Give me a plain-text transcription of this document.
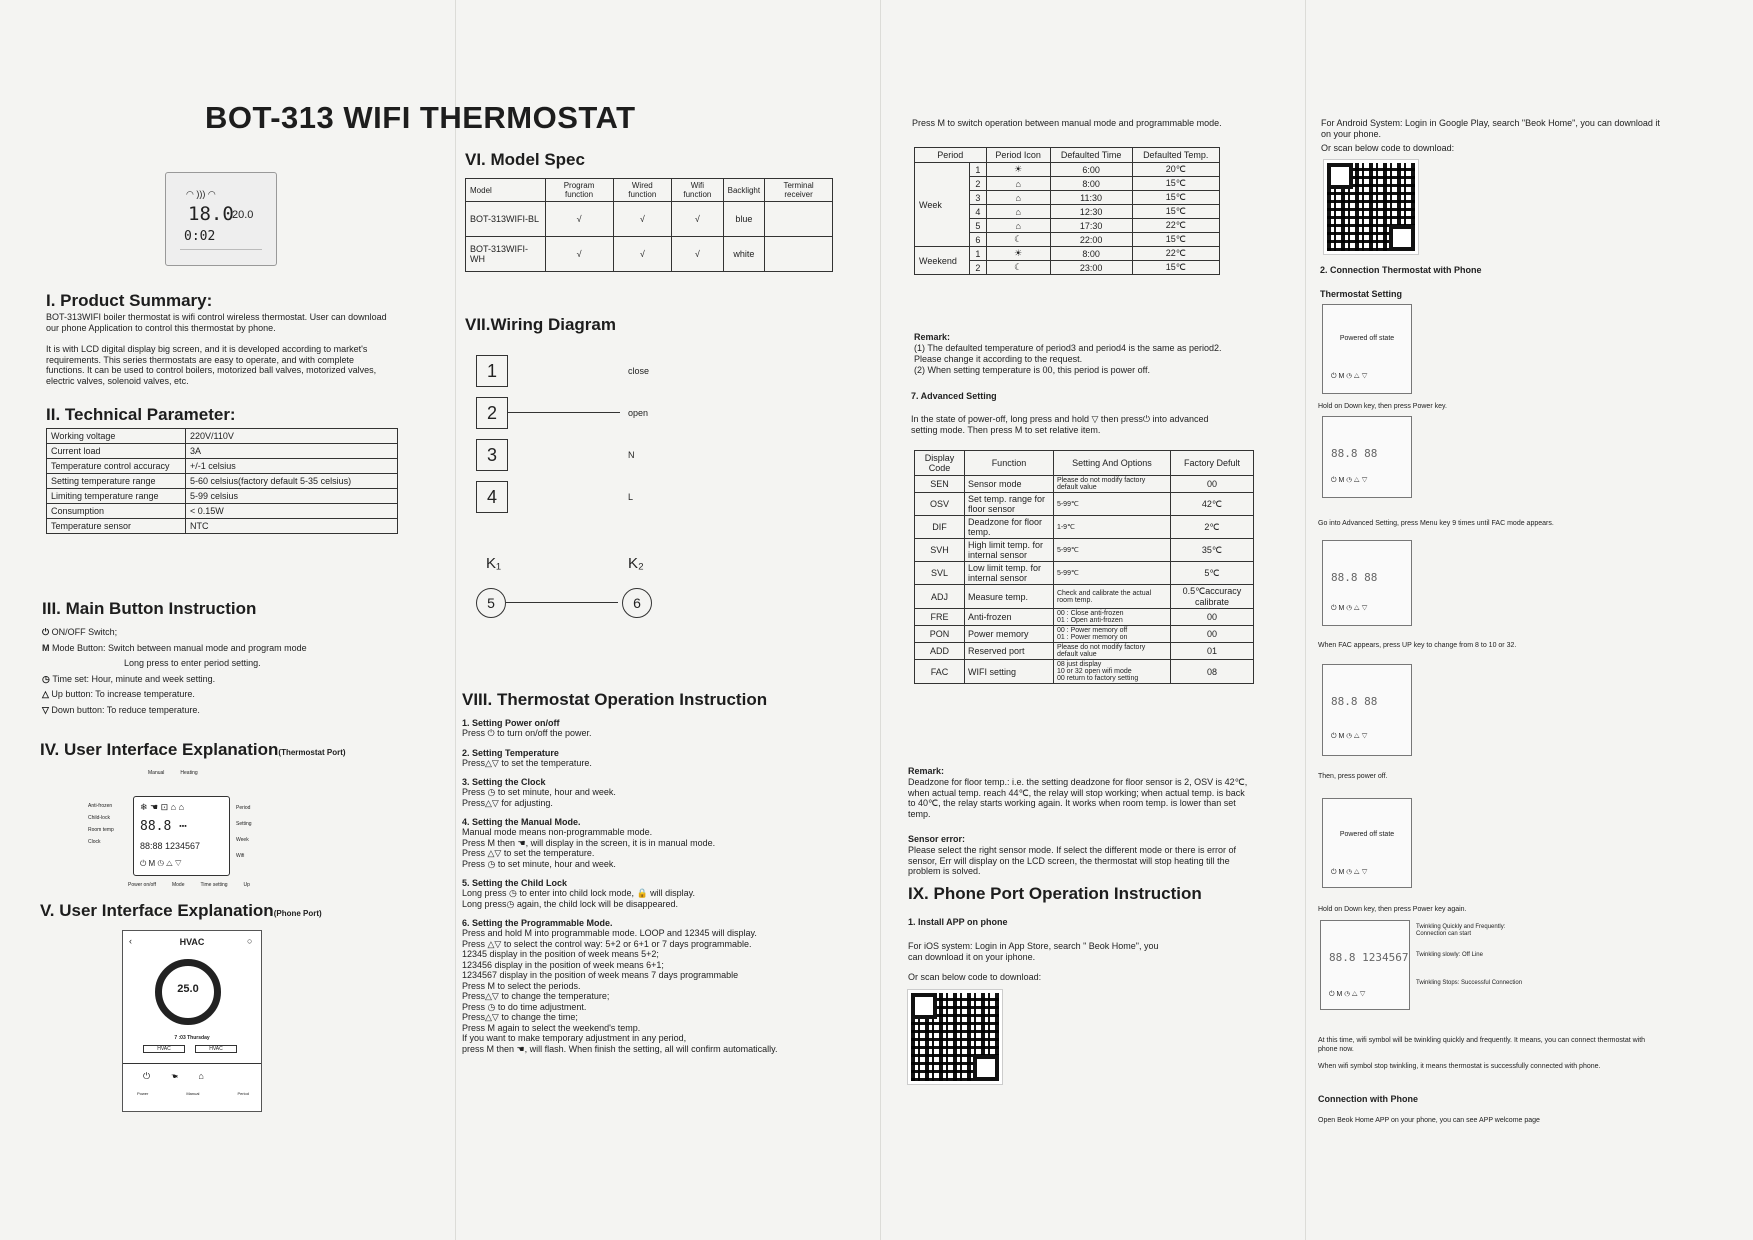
BOT-313 WIFI THERMOSTAT
◠ ))) ◠
18.0
20.0
0:02
I. Product Summary:

BOT-313WIFI boiler thermostat is wifi control wireless thermostat. User can download our phone Application to control this thermostat by phone.

It is with LCD digital display big screen, and it is developed according to market's requirements. This series thermostats are easy to operate, and with complete functions. It can be used to control boilers, motorized ball valves, motorized valves, electric valves, solenoid valves, etc.

II. Technical Parameter:
Working voltage	220V/110V
Current load	3A
Temperature control accuracy	+/-1 celsius
Setting temperature range	5-60 celsius(factory default 5-35 celsius)
Limiting temperature range	5-99 celsius
Consumption	< 0.15W
Temperature sensor	NTC
III. Main Button Instruction

⏻ ON/OFF Switch;

M Mode Button: Switch between manual mode and program mode

Long press to enter period setting.

◷ Time set: Hour, minute and week setting.

△ Up button: To increase temperature.

▽ Down button: To reduce temperature.

IV. User Interface Explanation(Thermostat Port)
❄ ☚ ⊡ ⌂ ⌂
88.8 ⋯
88:88 1234567
⏻ M ◷ △ ▽
Anti-frozen
Child-lock
Room temp
Clock
Period
Setting
Week
Wifi
Manual	Heating
Power on/off	Mode	Time setting	Up
V. User Interface Explanation(Phone Port)
HVAC
‹	○
25.0
7 :03 Thursday
HVAC	HVAC
⏻ ☚ ⌂
Power	Manual	Period
VI. Model Spec
Model	Program function	Wired function	Wifi function	Backlight	Terminal receiver
BOT-313WIFI-BL	√	√	√	blue	
BOT-313WIFI-WH	√	√	√	white	
VII.Wiring Diagram
K₁	K₂
5	6
1	close
2	open
3	N
4	L
VIII. Thermostat Operation Instruction
1. Setting Power on/off

Press ⏻ to turn on/off the power.

2. Setting Temperature

Press△▽ to set the temperature.

3. Setting the Clock

Press ◷ to set minute, hour and week.
Press△▽ for adjusting.

4. Setting the Manual Mode.

Manual mode means non-programmable mode.
Press M then ☚, will display in the screen, it is in manual mode.
Press △▽ to set the temperature.
Press ◷ to set minute, hour and week.

5. Setting the Child Lock

Long press ◷ to enter into child lock mode, 🔒 will display.
Long press◷ again, the child lock will be disappeared.

6. Setting the Programmable Mode.

Press and hold M into programmable mode. LOOP and 12345 will display.
Press △▽ to select the control way: 5+2 or 6+1 or 7 days programmable.
12345 display in the position of week means 5+2;
123456 display in the position of week means 6+1;
1234567 display in the position of week means 7 days programmable
Press M to select the periods.
Press△▽ to change the temperature;
Press ◷ to do time adjustment.
Press△▽ to change the time;
Press M again to select the weekend's temp.
If you want to make temporary adjustment in any period,
press M then ☚, will flash. When finish the setting, all will confirm automatically.

Press M to switch operation between manual mode and programmable mode.

Period		Period Icon	Defaulted Time	Defaulted Temp.
Week	1	☀	6:00	20℃
	2	⌂	8:00	15℃
	3	⌂	11:30	15℃
	4	⌂	12:30	15℃
	5	⌂	17:30	22℃
	6	☾	22:00	15℃
Weekend	1	☀	8:00	22℃
	2	☾	23:00	15℃
Remark:

(1) The defaulted temperature of period3 and period4 is the same as period2. Please change it according to the request.

(2) When setting temperature is 00, this period is power off.

7. Advanced Setting

In the state of power-off, long press and hold ▽ then press⏻ into advanced setting mode. Then press M to set relative item.

Display Code	Function	Setting And Options	Factory Defult
SEN	Sensor mode	Please do not modify factory default value	00
OSV	Set temp. range for floor sensor	5-99℃	42℃
DIF	Deadzone for floor temp.	1-9℃	2℃
SVH	High limit temp. for internal sensor	5-99℃	35℃
SVL	Low limit temp. for internal sensor	5-99℃	5℃
ADJ	Measure temp.	Check and calibrate the actual room temp.	0.5℃accuracy calibrate
FRE	Anti-frozen	00 : Close anti-frozen
01 : Open anti-frozen	00
PON	Power memory	00 : Power memory off
01 : Power memory on	00
ADD	Reserved port	Please do not modify factory default value	01
FAC	WIFI setting	08 just display
10 or 32 open wifi mode
00 return to factory setting	08
Remark:

Deadzone for floor temp.: i.e. the setting deadzone for floor sensor is 2, OSV is 42℃, when actual temp. reach 44℃, the relay will stop working; when actual temp. is back to 40℃, the relay starts working again. It works when room temp. is lower than set temp.

Sensor error:

Please select the right sensor mode. If select the different mode or there is error of sensor, Err will display on the LCD screen, the thermostat will stop heating till the problem is solved.

IX. Phone Port Operation Instruction
1. Install APP on phone

For iOS system: Login in App Store, search " Beok Home", you can download it on your iphone.

Or scan below code to download:

For Android System: Login in Google Play, search "Beok Home", you can download it on your phone.

Or scan below code to download:

2. Connection Thermostat with Phone
Thermostat Setting
Powered off state
⏻ M ◷ △ ▽

Hold on Down key, then press Power key.

88.8 88
⏻ M ◷ △ ▽

Go into Advanced Setting, press Menu key 9 times until FAC mode appears.

88.8 88
⏻ M ◷ △ ▽

When FAC appears, press UP key to change from 8 to 10 or 32.

88.8 88
⏻ M ◷ △ ▽

Then, press power off.

Powered off state
⏻ M ◷ △ ▽

Hold on Down key, then press Power key again.

88.8 1234567
⏻ M ◷ △ ▽

Twinkling Quickly and Frequently: Connection can start

Twinkling slowly: Off Line

Twinkling Stops: Successful Connection

At this time, wifi symbol will be twinkling quickly and frequently. It means, you can connect thermostat with phone now.

When wifi symbol stop twinkling, it means thermostat is successfully connected with phone.

Connection with Phone

Open Beok Home APP on your phone, you can see APP welcome page
